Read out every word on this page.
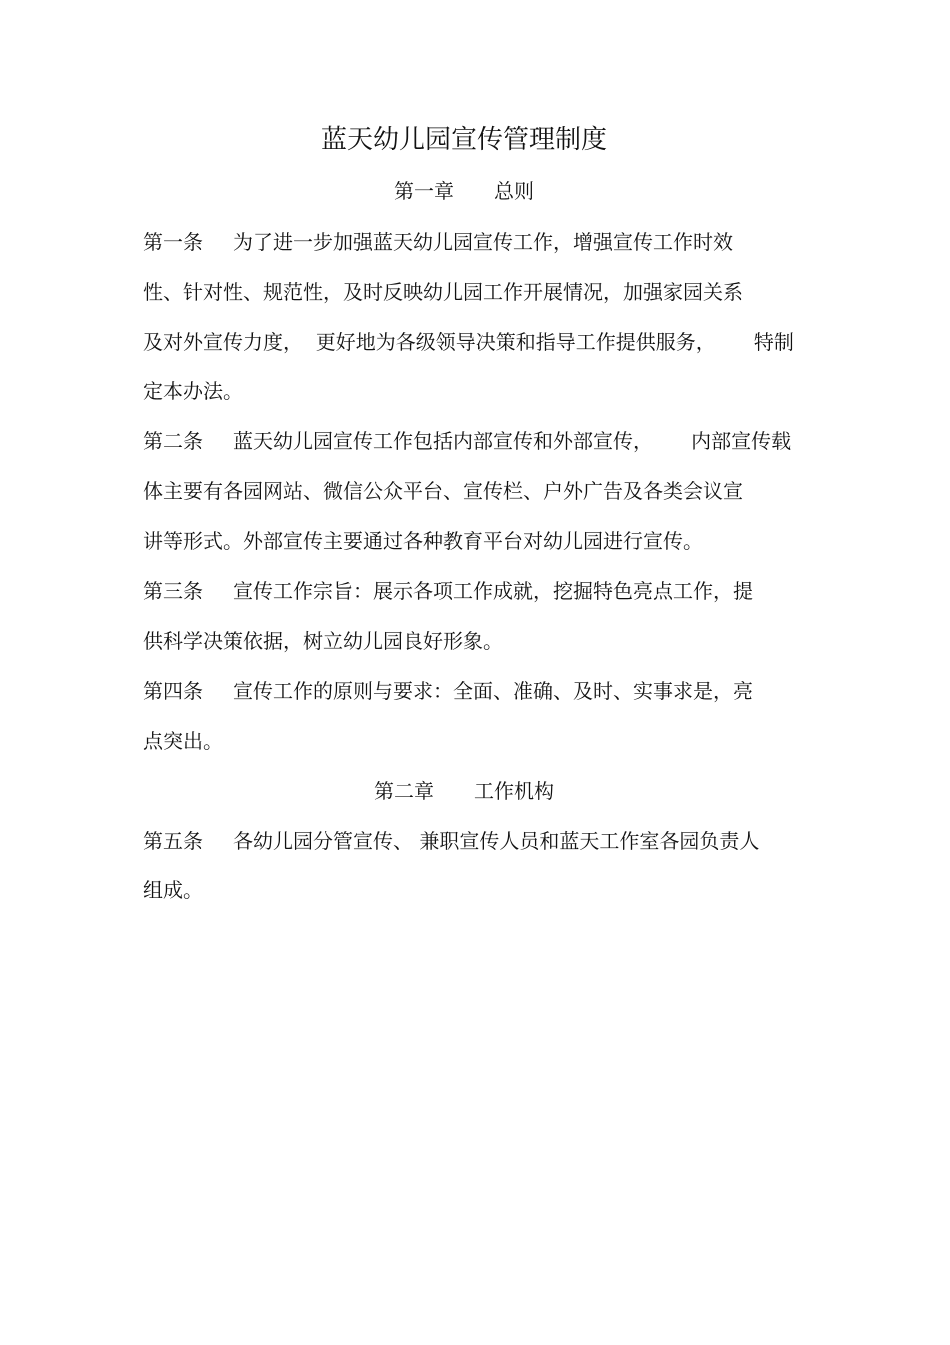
蓝天幼儿园宣传管理制度
第一章　　总则

第一条 为了进一步加强蓝天幼儿园宣传工作，增强宣传工作时效

性、针对性、规范性，及时反映幼儿园工作开展情况，加强家园关系

及对外宣传力度，  更好地为各级领导决策和指导工作提供服务，      特制

定本办法。

第二条 蓝天幼儿园宣传工作包括内部宣传和外部宣传，      内部宣传载

体主要有各园网站、微信公众平台、宣传栏、户外广告及各类会议宣

讲等形式。外部宣传主要通过各种教育平台对幼儿园进行宣传。

第三条 宣传工作宗旨：展示各项工作成就，挖掘特色亮点工作，提

供科学决策依据，树立幼儿园良好形象。

第四条 宣传工作的原则与要求：全面、准确、及时、实事求是，亮

点突出。

第二章　　工作机构

第五条 各幼儿园分管宣传、 兼职宣传人员和蓝天工作室各园负责人

组成。
